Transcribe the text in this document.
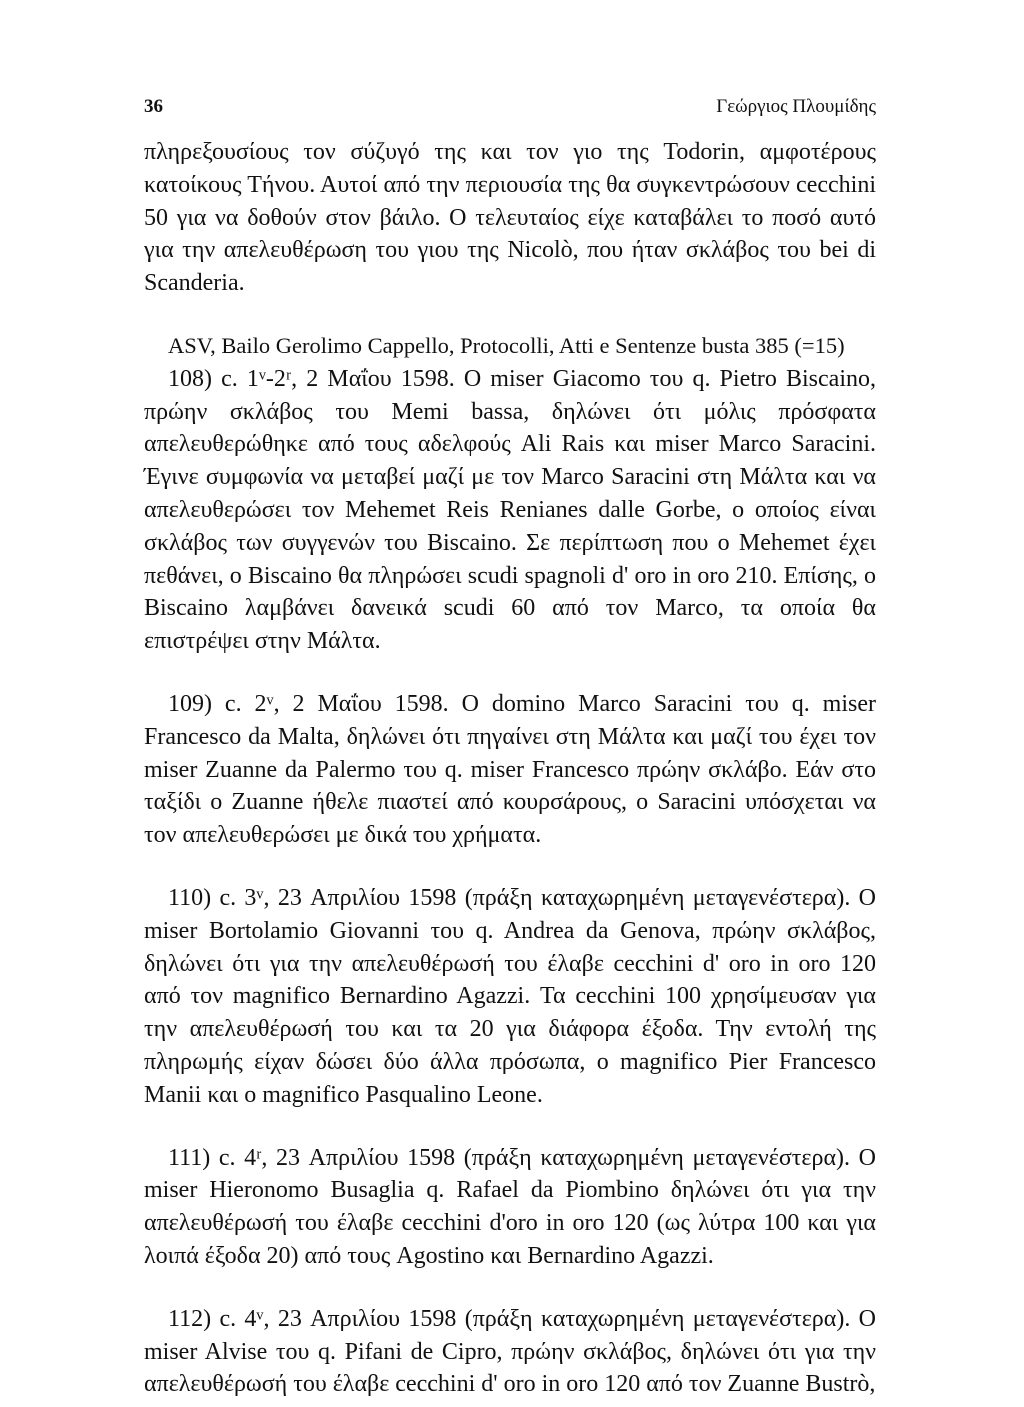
36	Γεώργιος Πλουμίδης

πληρεξουσίους τον σύζυγό της και τον γιο της Todorin, αμφοτέρους κατοίκους Τήνου. Αυτοί από την περιουσία της θα συγκεντρώσουν cecchini 50 για να δοθούν στον βάιλο. Ο τελευταίος είχε καταβάλει το ποσό αυτό για την απελευθέρωση του γιου της Nicolò, που ήταν σκλάβος του bei di Scanderia.

ASV, Bailo Gerolimo Cappello, Protocolli, Atti e Sentenze busta 385 (=15)

108) c. 1ᵛ-2ʳ, 2 Μαΐου 1598. Ο miser Giacomo του q. Pietro Biscaino, πρώην σκλάβος του Memi bassa, δηλώνει ότι μόλις πρόσφατα απελευθερώθηκε από τους αδελφούς Ali Rais και miser Marco Saracini. Έγινε συμφωνία να μεταβεί μαζί με τον Marco Saracini στη Μάλτα και να απελευθερώσει τον Mehemet Reis Renianes dalle Gorbe, ο οποίος είναι σκλάβος των συγγενών του Biscaino. Σε περίπτωση που ο Mehemet έχει πεθάνει, ο Biscaino θα πληρώσει scudi spagnoli d' oro in oro 210. Επίσης, ο Biscaino λαμβάνει δανεικά scudi 60 από τον Marco, τα οποία θα επιστρέψει στην Μάλτα.

109) c. 2ᵛ, 2 Μαΐου 1598. Ο domino Marco Saracini του q. miser Francesco da Malta, δηλώνει ότι πηγαίνει στη Μάλτα και μαζί του έχει τον miser Zuanne da Palermo του q. miser Francesco πρώην σκλάβο. Εάν στο ταξίδι ο Zuanne ήθελε πιαστεί από κουρσάρους, ο Saracini υπόσχεται να τον απελευθερώσει με δικά του χρήματα.

110) c. 3ᵛ, 23 Απριλίου 1598 (πράξη καταχωρημένη μεταγενέστερα). Ο miser Bortolamio Giovanni του q. Andrea da Genova, πρώην σκλάβος, δηλώνει ότι για την απελευθέρωσή του έλαβε cecchini d' oro in oro 120 από τον magnifico Bernardino Agazzi. Τα cecchini 100 χρησίμευσαν για την απελευθέρωσή του και τα 20 για διάφορα έξοδα. Την εντολή της πληρωμής είχαν δώσει δύο άλλα πρόσωπα, ο magnifico Pier Francesco Manii και ο magnifico Pasqualino Leone.

111) c. 4ʳ, 23 Απριλίου 1598 (πράξη καταχωρημένη μεταγενέστερα). Ο miser Hieronomo Busaglia q. Rafael da Piombino δηλώνει ότι για την απελευθέρωσή του έλαβε cecchini d'oro in oro 120 (ως λύτρα 100 και για λοιπά έξοδα 20) από τους Agostino και Bernardino Agazzi.

112) c. 4ᵛ, 23 Απριλίου 1598 (πράξη καταχωρημένη μεταγενέστερα). Ο miser Alvise του q. Pifani de Cipro, πρώην σκλάβος, δηλώνει ότι για την απελευθέρωσή του έλαβε cecchini d' oro in oro 120 από τον Zuanne Bustrò,
